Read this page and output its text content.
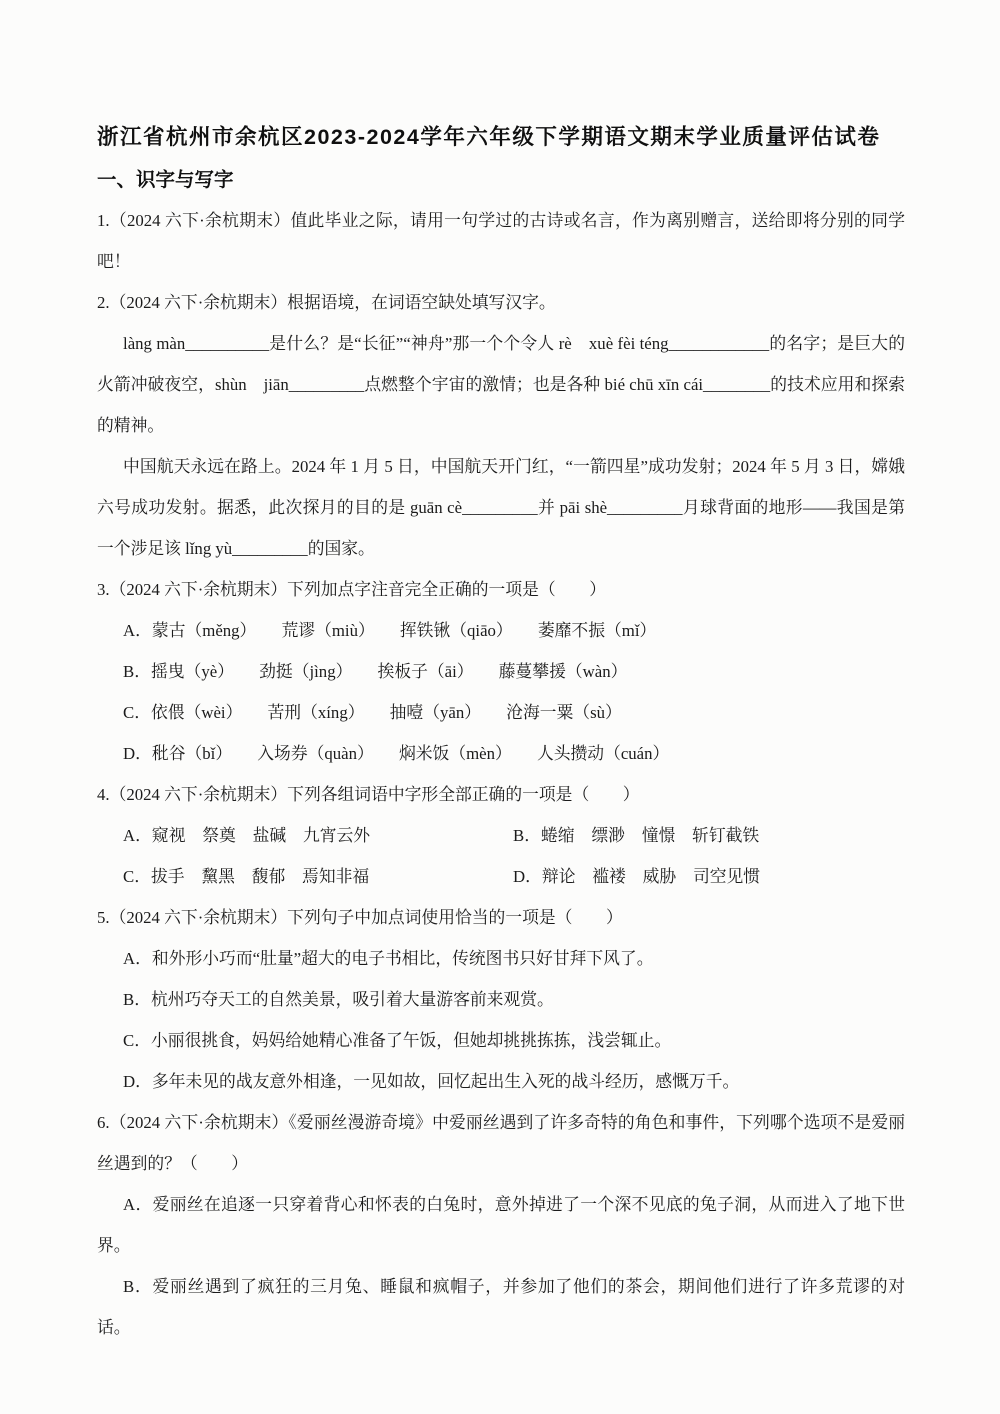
浙江省杭州市余杭区2023-2024学年六年级下学期语文期末学业质量评估试卷
一、识字与写字

1.（2024 六下·余杭期末）值此毕业之际，请用一句学过的古诗或名言，作为离别赠言，送给即将分别的同学吧！

2.（2024 六下·余杭期末）根据语境，在词语空缺处填写汉字。

làng màn__________是什么？是“长征”“神舟”那一个个令人 rè　xuè fèi téng____________的名字；是巨大的火箭冲破夜空，shùn　jiān_________点燃整个宇宙的激情；也是各种 bié chū xīn cái________的技术应用和探索的精神。

中国航天永远在路上。2024 年 1 月 5 日，中国航天开门红，“一箭四星”成功发射；2024 年 5 月 3 日，嫦娥六号成功发射。据悉，此次探月的目的是 guān cè_________并 pāi shè_________月球背面的地形——我国是第一个涉足该 lǐng yù_________的国家。

3.（2024 六下·余杭期末）下列加点字注音完全正确的一项是（　　）

A．蒙古（měng）　　荒谬（miù）　　挥铁锹（qiāo）　　萎靡不振（mǐ）

B．摇曳（yè）　　劲挺（jìng）　　挨板子（āi）　　藤蔓攀援（wàn）

C．依偎（wèi）　　苦刑（xíng）　　抽噎（yān）　　沧海一粟（sù）

D．秕谷（bǐ）　　入场券（quàn）　　焖米饭（mèn）　　人头攒动（cuán）

4.（2024 六下·余杭期末）下列各组词语中字形全部正确的一项是（　　）

A．窥视　祭奠　盐碱　九宵云外	B．蜷缩　缥渺　憧憬　斩钉截铁

C．拔手　黧黑　馥郁　焉知非福	D．辩论　褴褛　威胁　司空见惯

5.（2024 六下·余杭期末）下列句子中加点词使用恰当的一项是（　　）

A．和外形小巧而“肚量”超大的电子书相比，传统图书只好甘拜下风了。

B．杭州巧夺天工的自然美景，吸引着大量游客前来观赏。

C．小丽很挑食，妈妈给她精心准备了午饭，但她却挑挑拣拣，浅尝辄止。

D．多年未见的战友意外相逢，一见如故，回忆起出生入死的战斗经历，感慨万千。

6.（2024 六下·余杭期末）《爱丽丝漫游奇境》中爱丽丝遇到了许多奇特的角色和事件，下列哪个选项不是爱丽丝遇到的？（　　）

A．爱丽丝在追逐一只穿着背心和怀表的白兔时，意外掉进了一个深不见底的兔子洞，从而进入了地下世界。

B．爱丽丝遇到了疯狂的三月兔、睡鼠和疯帽子，并参加了他们的茶会，期间他们进行了许多荒谬的对话。
